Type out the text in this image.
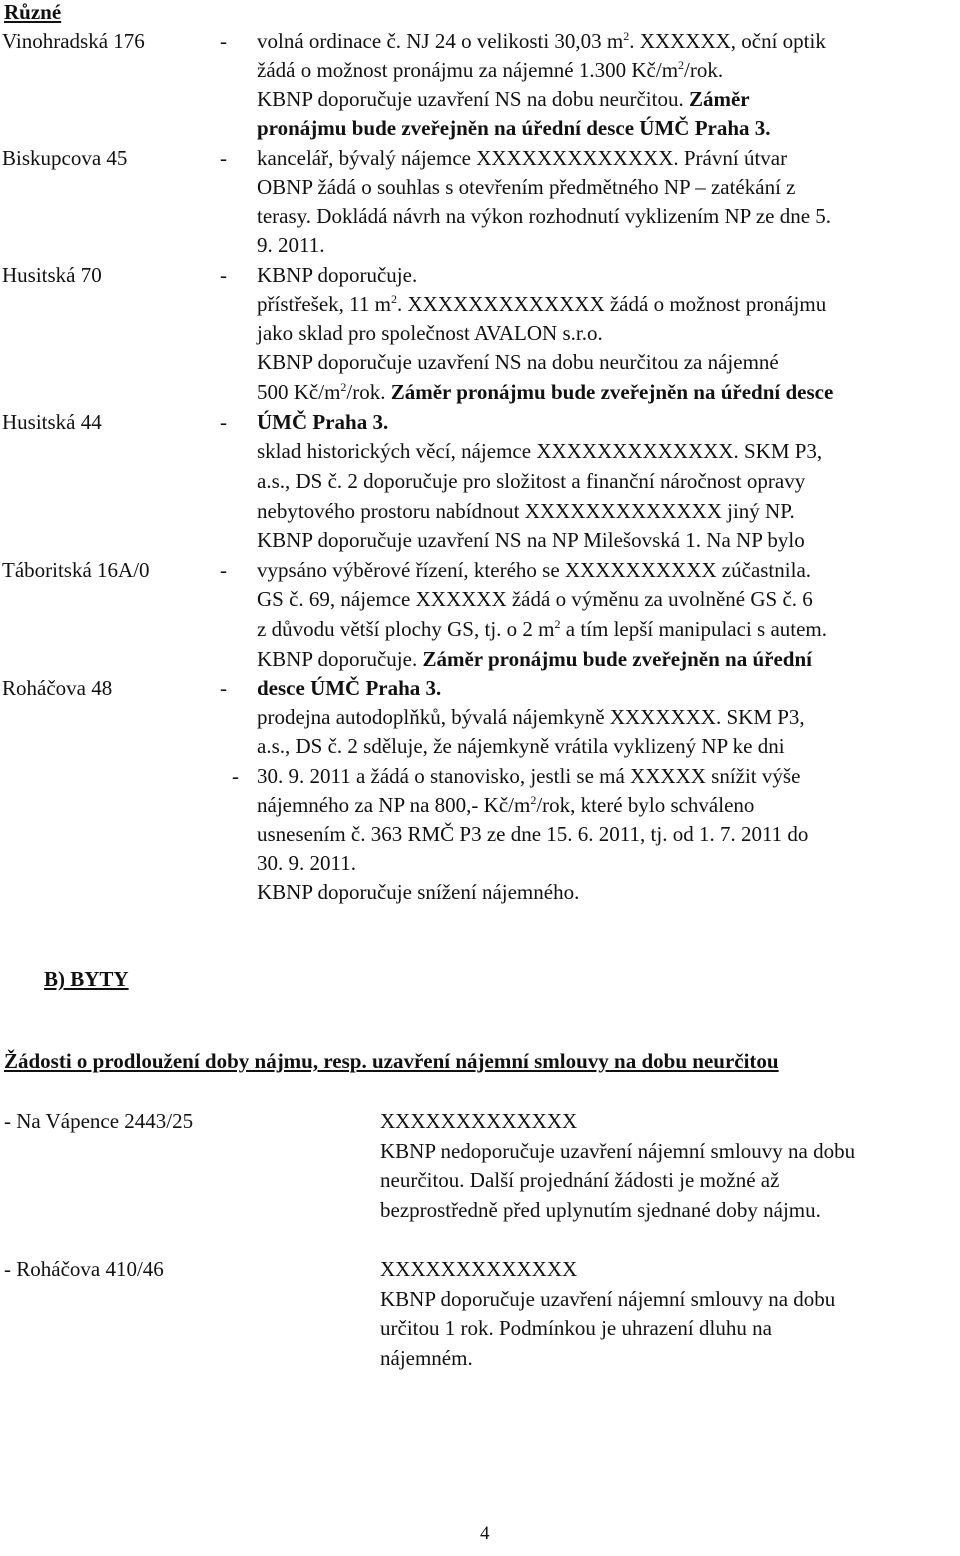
Různé
Vinohradská 176
Biskupcova 45
Husitská 70
Husitská 44
Táboritská 16A/0
Roháčova 48
-
-
-
-
-
-
-
volná ordinace č. NJ 24 o velikosti 30,03 $m^2$. XXXXXX, oční optik
žádá o možnost pronájmu za nájemné 1.300 $Kč/m^2$/rok.
KBNP doporučuje uzavření NS na dobu neurčitou. Záměr
pronájmu bude zveřejněn na úřední desce ÚMČ Praha 3.
kancelář, bývalý nájemce XXXXXXXXXXXXX. Právní útvar
OBNP žádá o souhlas s otevřením předmětného NP – zatékání z
terasy. Dokládá návrh na výkon rozhodnutí vyklizením NP ze dne 5.
9. 2011.
KBNP doporučuje.
přístřešek, 11 $m^2$. XXXXXXXXXXXXX žádá o možnost pronájmu
jako sklad pro společnost AVALON s.r.o.
KBNP doporučuje uzavření NS na dobu neurčitou za nájemné
500 $Kč/m^2$/rok. Záměr pronájmu bude zveřejněn na úřední desce
ÚMČ Praha 3.
sklad historických věcí, nájemce XXXXXXXXXXXXX. SKM P3,
a.s., DS č. 2 doporučuje pro složitost a finanční náročnost opravy
nebytového prostoru nabídnout XXXXXXXXXXXXX jiný NP.
KBNP doporučuje uzavření NS na NP Milešovská 1. Na NP bylo
vypsáno výběrové řízení, kterého se XXXXXXXXXX zúčastnila.
GS č. 69, nájemce XXXXXX žádá o výměnu za uvolněné GS č. 6
z důvodu větší plochy GS, tj. o 2 $m^2$ a tím lepší manipulaci s autem.
KBNP doporučuje. Záměr pronájmu bude zveřejněn na úřední
desce ÚMČ Praha 3.
prodejna autodoplňků, bývalá nájemkyně XXXXXXX. SKM P3,
a.s., DS č. 2 sděluje, že nájemkyně vrátila vyklizený NP ke dni
30. 9. 2011 a žádá o stanovisko, jestli se má XXXXX snížit výše
nájemného za NP na 800,- $Kč/m^2$/rok, které bylo schváleno
usnesením č. 363 RMČ P3 ze dne 15. 6. 2011, tj. od 1. 7. 2011 do
30. 9. 2011.
KBNP doporučuje snížení nájemného.
B) BYTY
Žádosti o prodloužení doby nájmu, resp. uzavření nájemní smlouvy na dobu neurčitou
- Na Vápence 2443/25	XXXXXXXXXXXXX
KBNP nedoporučuje uzavření nájemní smlouvy na dobu
neurčitou. Další projednání žádosti je možné až
bezprostředně před uplynutím sjednané doby nájmu.
- Roháčova 410/46	XXXXXXXXXXXXX
KBNP doporučuje uzavření nájemní smlouvy na dobu
určitou 1 rok. Podmínkou je uhrazení dluhu na
nájemném.
4
